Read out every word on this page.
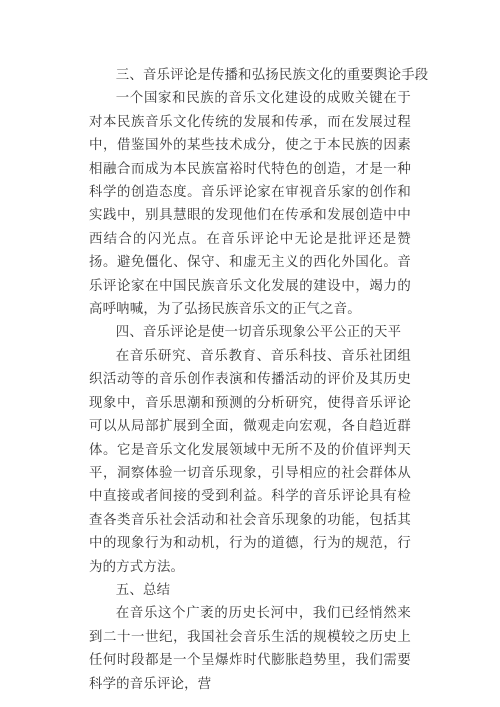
三、音乐评论是传播和弘扬民族文化的重要舆论手段

一个国家和民族的音乐文化建设的成败关键在于对本民族音乐文化传统的发展和传承，而在发展过程中，借鉴国外的某些技术成分，使之于本民族的因素相融合而成为本民族富裕时代特色的创造，才是一种科学的创造态度。音乐评论家在审视音乐家的创作和实践中，别具慧眼的发现他们在传承和发展创造中中西结合的闪光点。在音乐评论中无论是批评还是赞扬。避免僵化、保守、和虚无主义的西化外国化。音乐评论家在中国民族音乐文化发展的建设中，竭力的高呼呐喊，为了弘扬民族音乐文的正气之音。

四、音乐评论是使一切音乐现象公平公正的天平

在音乐研究、音乐教育、音乐科技、音乐社团组织活动等的音乐创作表演和传播活动的评价及其历史现象中，音乐思潮和预测的分析研究，使得音乐评论可以从局部扩展到全面，微观走向宏观，各自趋近群体。它是音乐文化发展领域中无所不及的价值评判天平，洞察体验一切音乐现象，引导相应的社会群体从中直接或者间接的受到利益。科学的音乐评论具有检查各类音乐社会活动和社会音乐现象的功能，包括其中的现象行为和动机，行为的道德，行为的规范，行为的方式方法。

五、总结

在音乐这个广袤的历史长河中，我们已经悄然来到二十一世纪，我国社会音乐生活的规模较之历史上任何时段都是一个呈爆炸时代膨胀趋势里，我们需要科学的音乐评论，营
